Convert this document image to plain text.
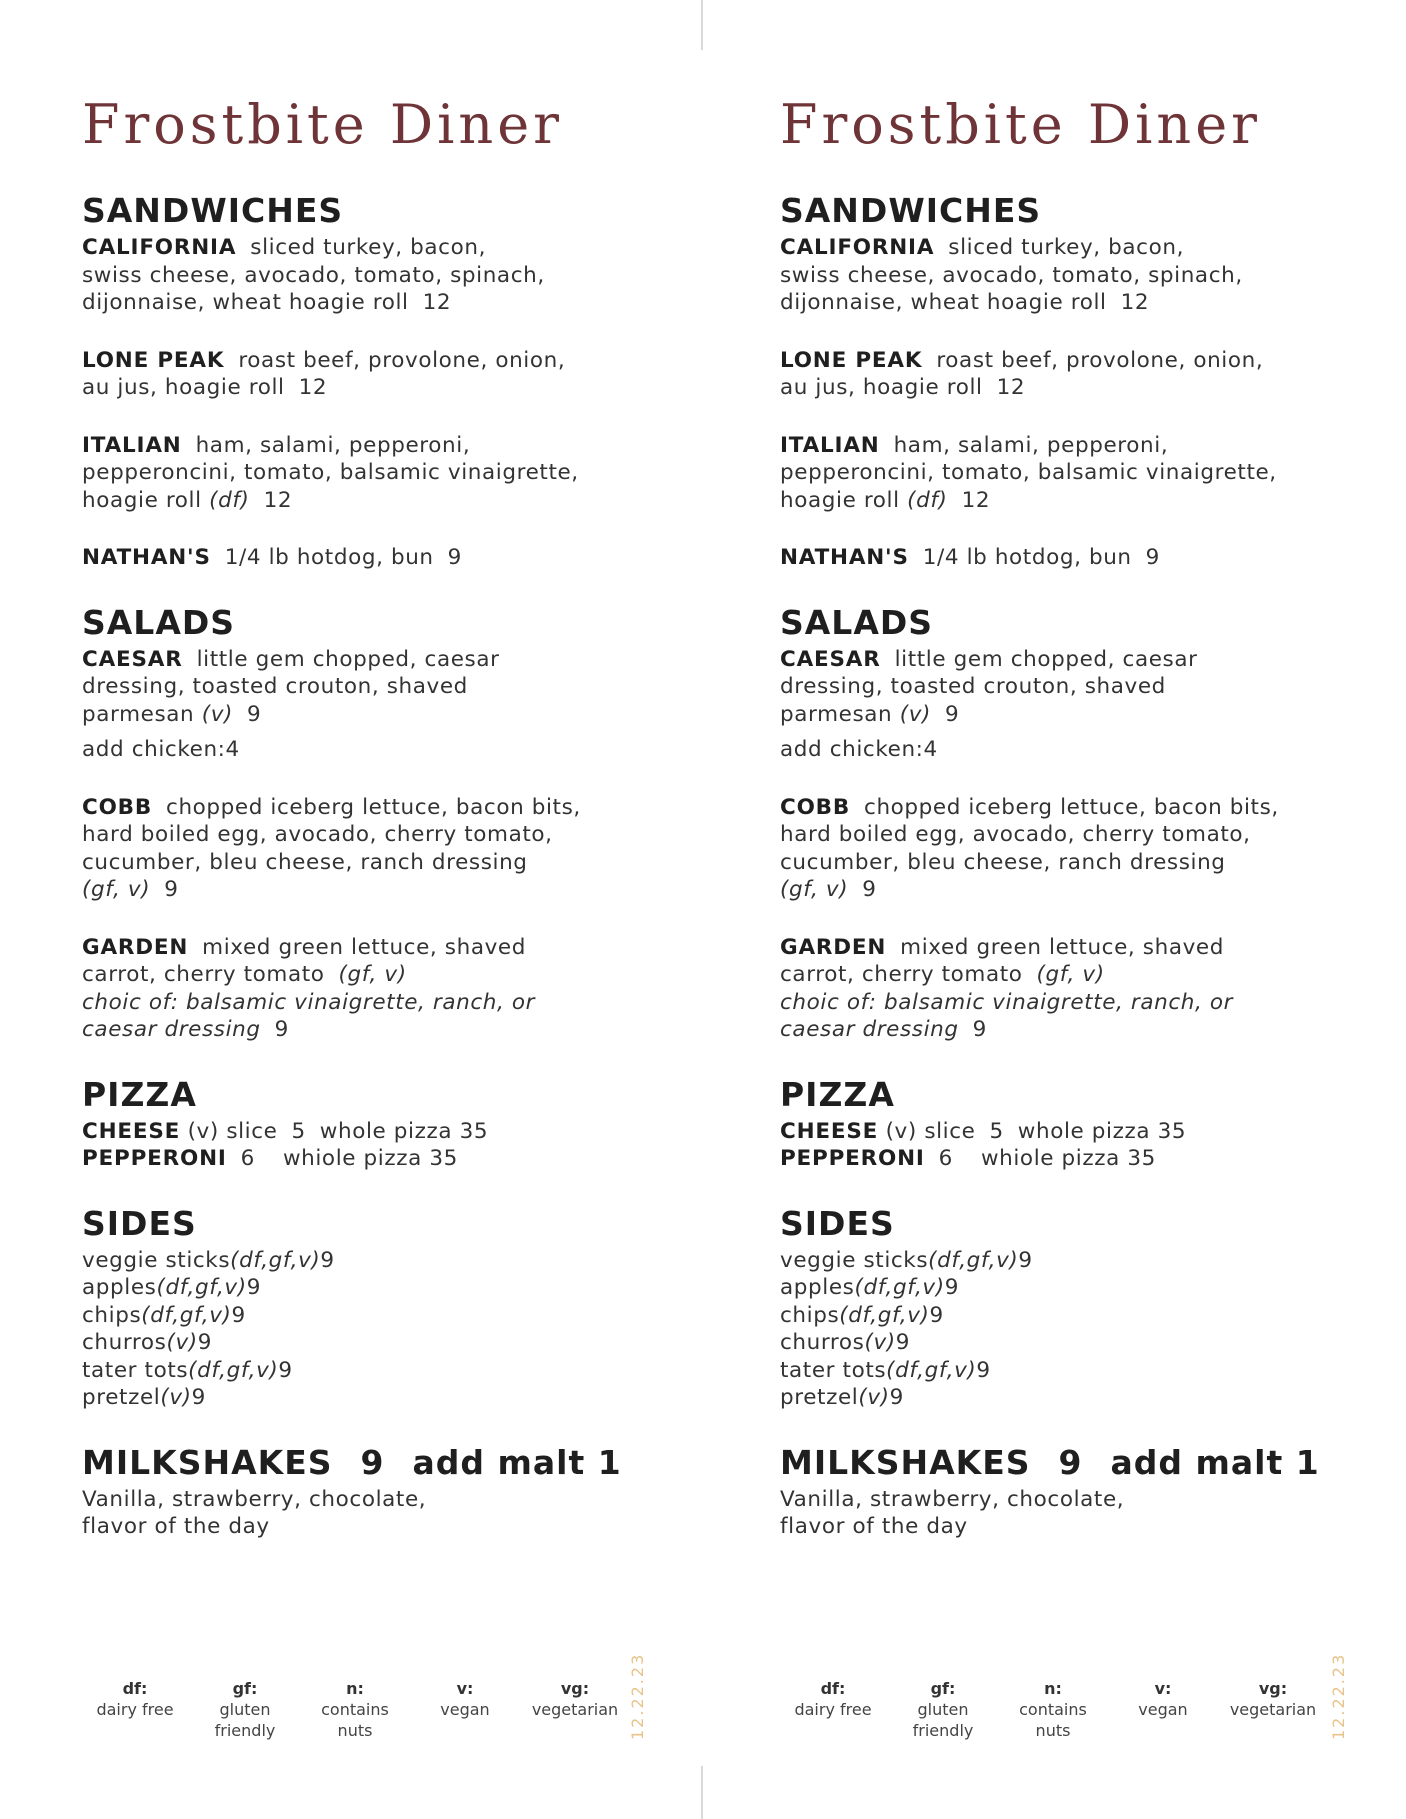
Frostbite Diner
SANDWICHES
CALIFORNIA sliced turkey, bacon,
swiss cheese, avocado, tomato, spinach,
dijonnaise, wheat hoagie roll 12
LONE PEAK roast beef, provolone, onion,
au jus, hoagie roll 12
ITALIAN ham, salami, pepperoni,
pepperoncini, tomato, balsamic vinaigrette,
hoagie roll (df) 12
NATHAN'S 1/4 lb hotdog, bun 9
SALADS
CAESAR little gem chopped, caesar
dressing, toasted crouton, shaved
parmesan (v) 9
add chicken:4
COBB chopped iceberg lettuce, bacon bits,
hard boiled egg, avocado, cherry tomato,
cucumber, bleu cheese, ranch dressing
(gf, v) 9
GARDEN mixed green lettuce, shaved
carrot, cherry tomato (gf, v)
choic of: balsamic vinaigrette, ranch, or
caesar dressing 9
PIZZA
CHEESE (v) slice 5 whole pizza 35
PEPPERONI 6 whiole pizza 35
SIDES
veggie sticks(df,gf,v)9
apples(df,gf,v)9
chips(df,gf,v)9
churros(v)9
tater tots(df,gf,v)9
pretzel(v)9
MILKSHAKES 9 add malt 1
Vanilla, strawberry, chocolate,
flavor of the day
df:
dairy free
gf:
gluten
friendly
n:
contains
nuts
v:
vegan
vg:
vegetarian 12.22.23
Frostbite Diner
SANDWICHES
CALIFORNIA sliced turkey, bacon,
swiss cheese, avocado, tomato, spinach,
dijonnaise, wheat hoagie roll 12
LONE PEAK roast beef, provolone, onion,
au jus, hoagie roll 12
ITALIAN ham, salami, pepperoni,
pepperoncini, tomato, balsamic vinaigrette,
hoagie roll (df) 12
NATHAN'S 1/4 lb hotdog, bun 9
SALADS
CAESAR little gem chopped, caesar
dressing, toasted crouton, shaved
parmesan (v) 9
add chicken:4
COBB chopped iceberg lettuce, bacon bits,
hard boiled egg, avocado, cherry tomato,
cucumber, bleu cheese, ranch dressing
(gf, v) 9
GARDEN mixed green lettuce, shaved
carrot, cherry tomato (gf, v)
choic of: balsamic vinaigrette, ranch, or
caesar dressing 9
PIZZA
CHEESE (v) slice 5 whole pizza 35
PEPPERONI 6 whiole pizza 35
SIDES
veggie sticks(df,gf,v)9
apples(df,gf,v)9
chips(df,gf,v)9
churros(v)9
tater tots(df,gf,v)9
pretzel(v)9
MILKSHAKES 9 add malt 1
Vanilla, strawberry, chocolate,
flavor of the day
df:
dairy free
gf:
gluten
friendly
n:
contains
nuts
v:
vegan
vg:
vegetarian 12.22.23
